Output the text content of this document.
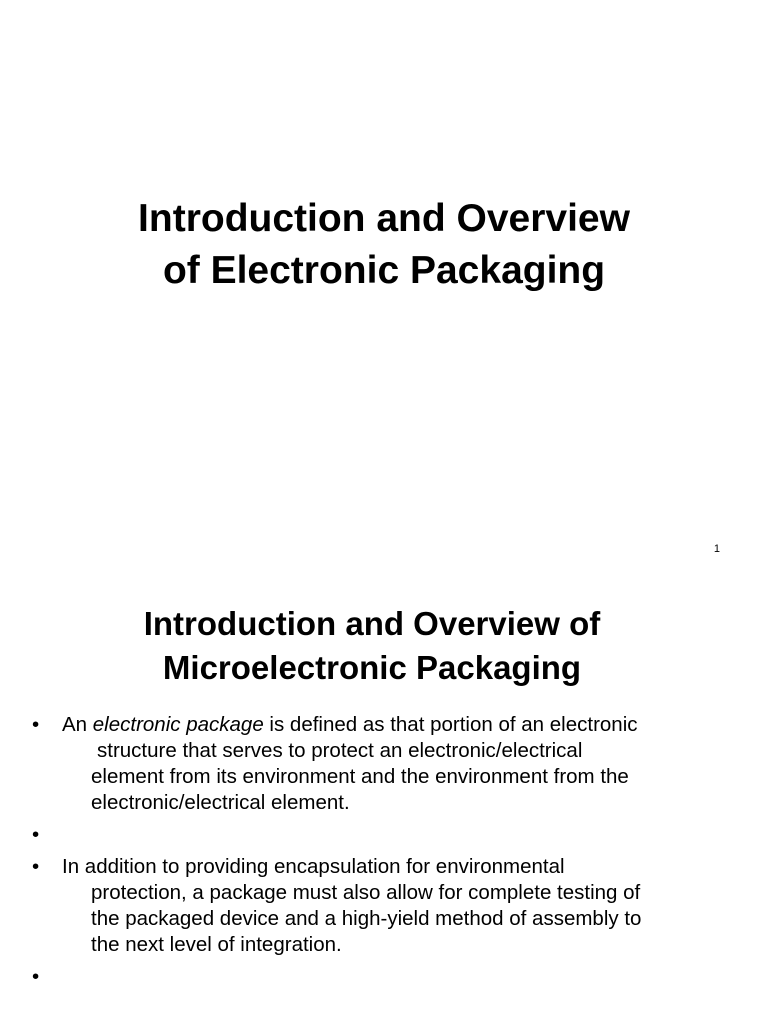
Introduction and Overview
of Electronic Packaging
1
Introduction and Overview of
Microelectronic Packaging
• An electronic package is defined as that portion of an electronic
structure that serves to protect an electronic/electrical
element from its environment and the environment from the
electronic/electrical element.
•
• In addition to providing encapsulation for environmental
protection, a package must also allow for complete testing of
the packaged device and a high-yield method of assembly to
the next level of integration.
•
